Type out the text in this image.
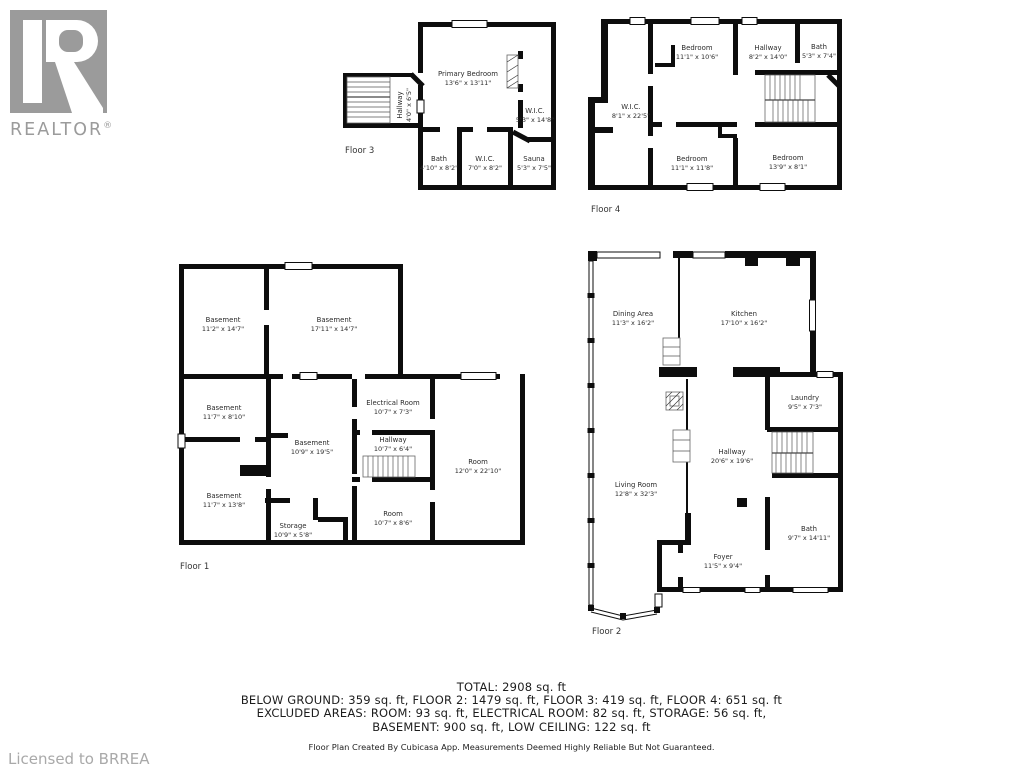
REALTOR®
Primary Bedroom
13'6" x 13'11"
Hallway 4'0" x 6'5"	W.I.C.
5'3" x 14'8"
Bath
4'10" x 8'2"
W.I.C.
7'0" x 8'2"
Sauna
5'3" x 7'5"
Floor 3
Bedroom
11'1" x 10'6"
Hallway
8'2" x 14'0"
Bath
5'3" x 7'4"
W.I.C.
8'1" x 22'5"
Bedroom
11'1" x 11'8"
Bedroom
13'9" x 8'1"
Floor 4
Basement
11'2" x 14'7"
Basement
17'11" x 14'7"
Basement
11'7" x 8'10"
Basement
10'9" x 19'5"
Electrical Room
10'7" x 7'3"
Hallway
10'7" x 6'4"
Room
12'0" x 22'10"
Basement
11'7" x 13'8"
Storage
10'9" x 5'8"
Room
10'7" x 8'6"
Floor 1
Dining Area
11'3" x 16'2"
Kitchen
17'10" x 16'2"
Laundry
9'5" x 7'3"
Hallway
20'6" x 19'6"
Living Room
12'8" x 32'3"
Foyer
11'5" x 9'4"
Bath
9'7" x 14'11"
Floor 2
TOTAL: 2908 sq. ft
BELOW GROUND: 359 sq. ft, FLOOR 2: 1479 sq. ft, FLOOR 3: 419 sq. ft, FLOOR 4: 651 sq. ft
EXCLUDED AREAS: ROOM: 93 sq. ft, ELECTRICAL ROOM: 82 sq. ft, STORAGE: 56 sq. ft,
BASEMENT: 900 sq. ft, LOW CEILING: 122 sq. ft
Floor Plan Created By Cubicasa App. Measurements Deemed Highly Reliable But Not Guaranteed.
Licensed to BRREA
